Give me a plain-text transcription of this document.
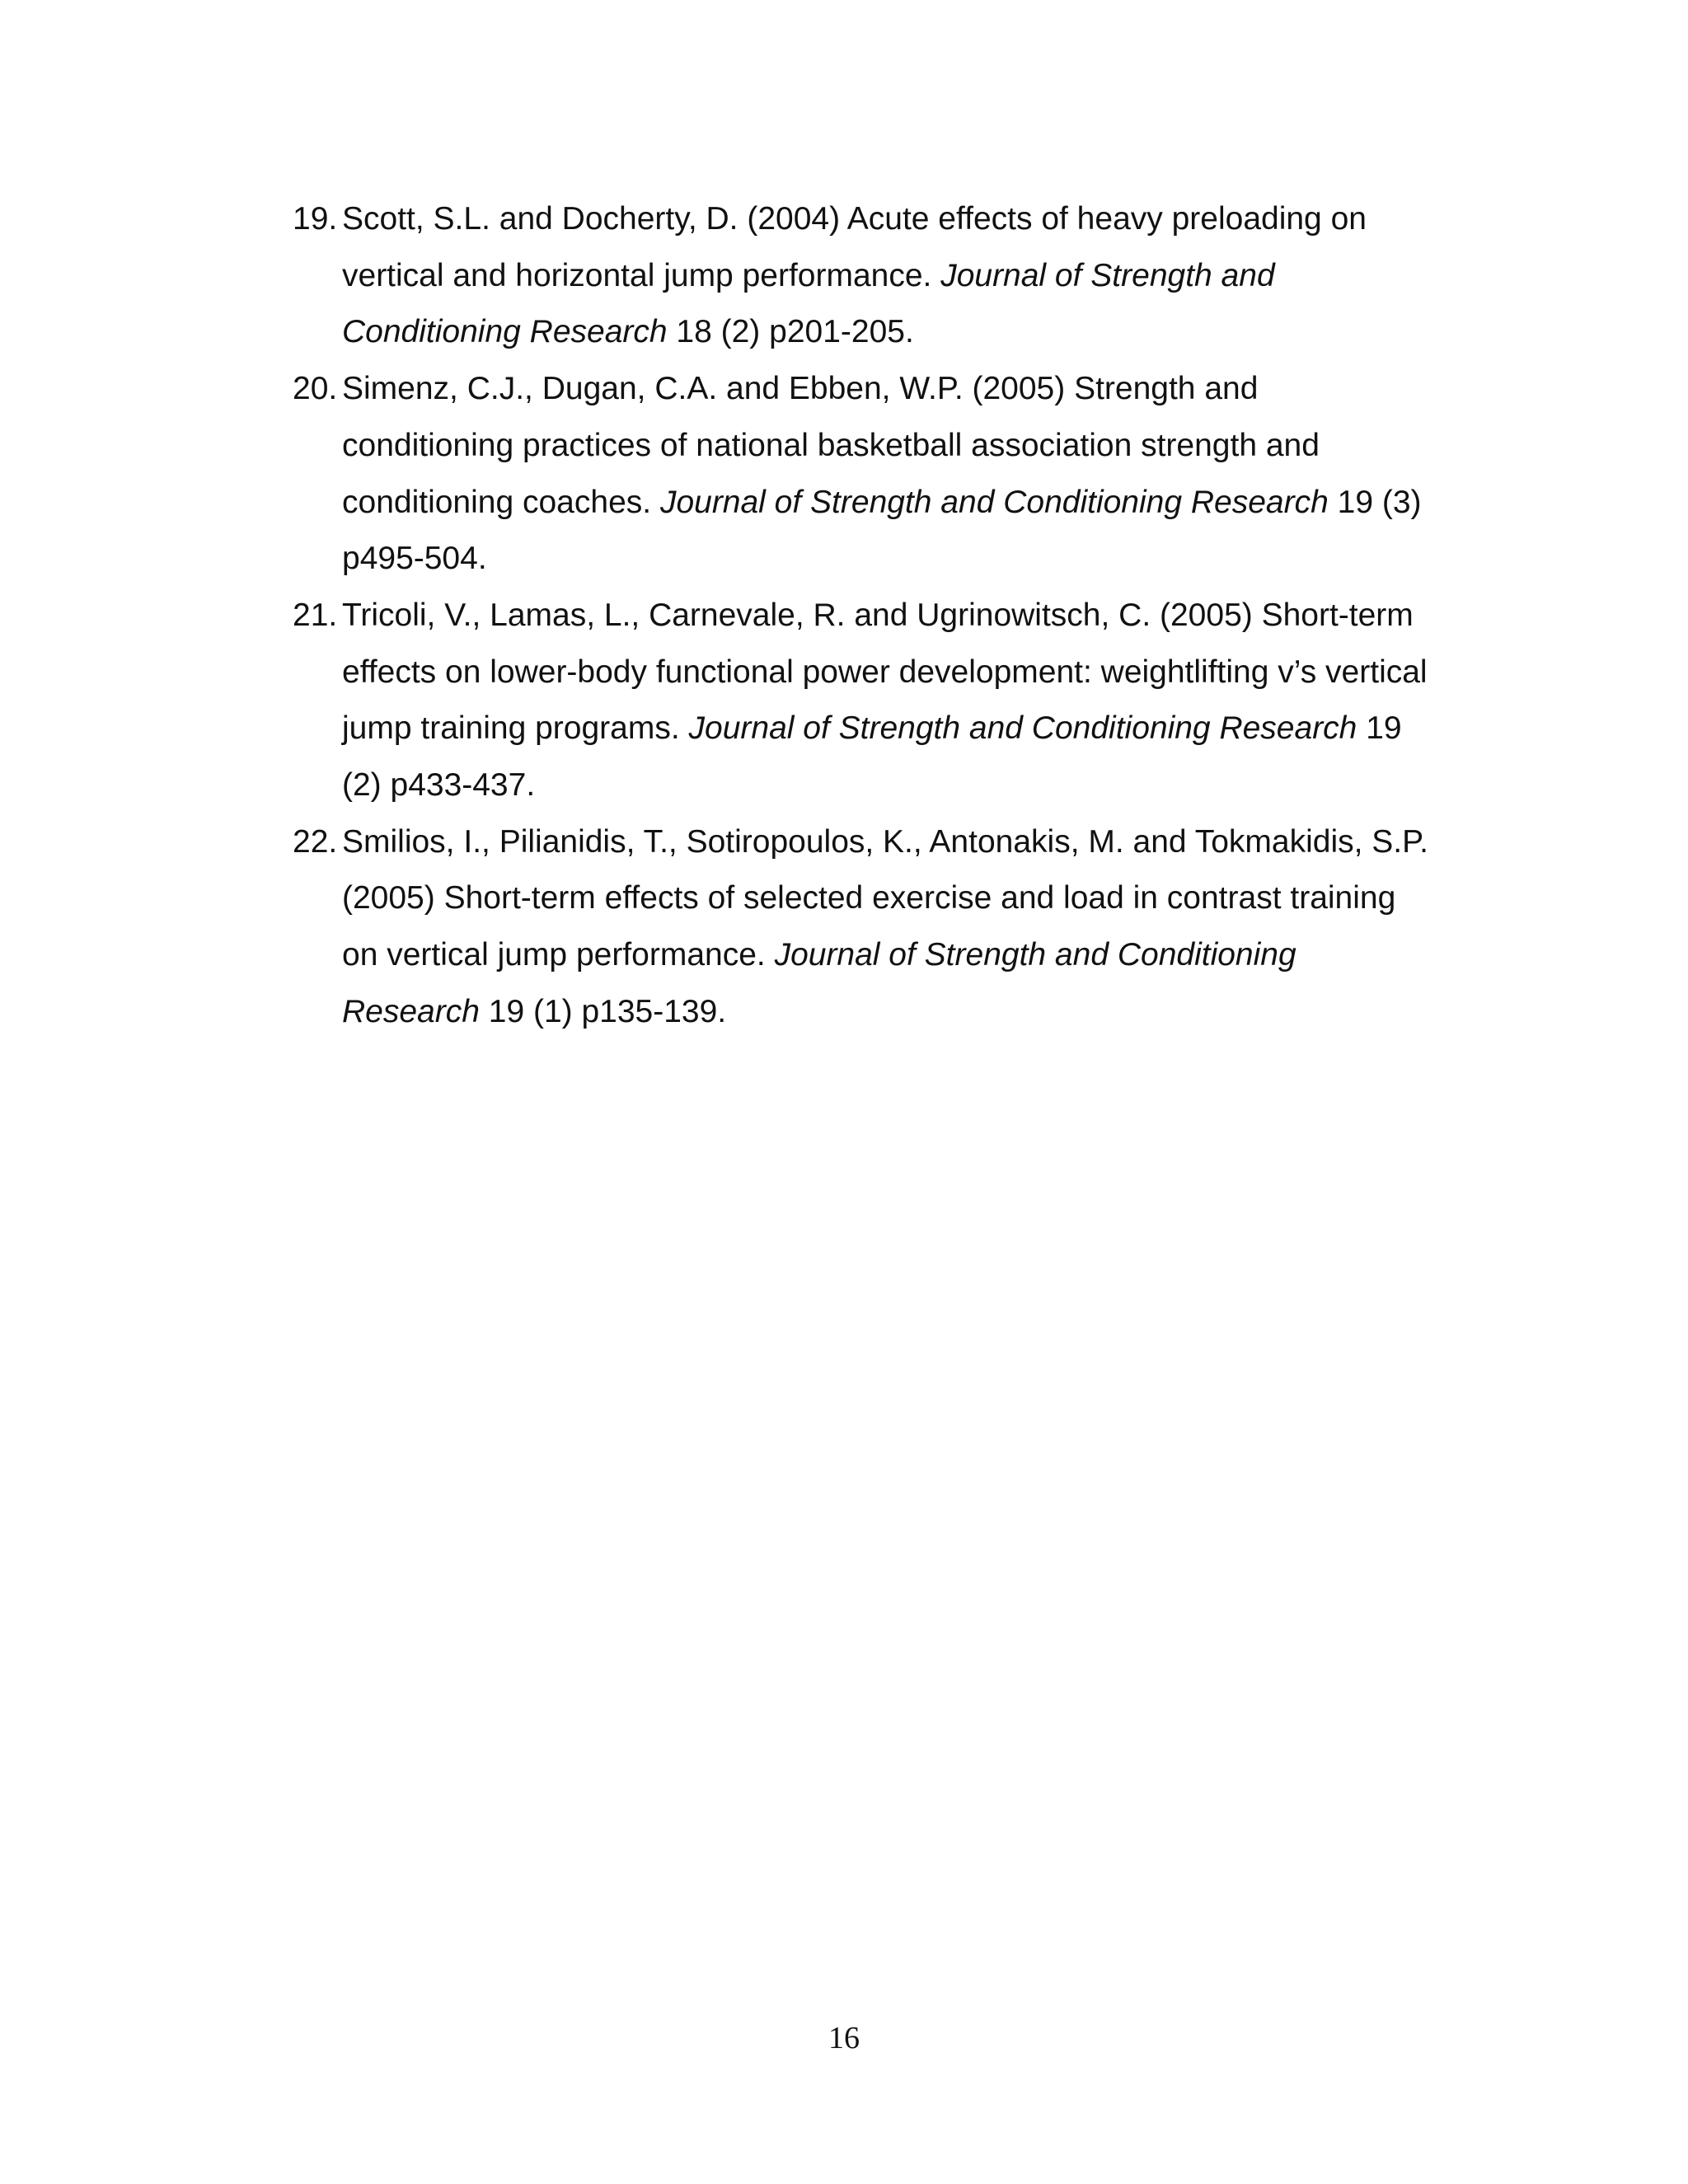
19. Scott, S.L. and Docherty, D. (2004) Acute effects of heavy preloading on vertical and horizontal jump performance. Journal of Strength and Conditioning Research 18 (2) p201-205.
20. Simenz, C.J., Dugan, C.A. and Ebben, W.P. (2005) Strength and conditioning practices of national basketball association strength and conditioning coaches. Journal of Strength and Conditioning Research 19 (3) p495-504.
21. Tricoli, V., Lamas, L., Carnevale, R. and Ugrinowitsch, C. (2005) Short-term effects on lower-body functional power development: weightlifting v’s vertical jump training programs. Journal of Strength and Conditioning Research 19 (2) p433-437.
22. Smilios, I., Pilianidis, T., Sotiropoulos, K., Antonakis, M. and Tokmakidis, S.P. (2005) Short-term effects of selected exercise and load in contrast training on vertical jump performance. Journal of Strength and Conditioning Research 19 (1) p135-139.
16
